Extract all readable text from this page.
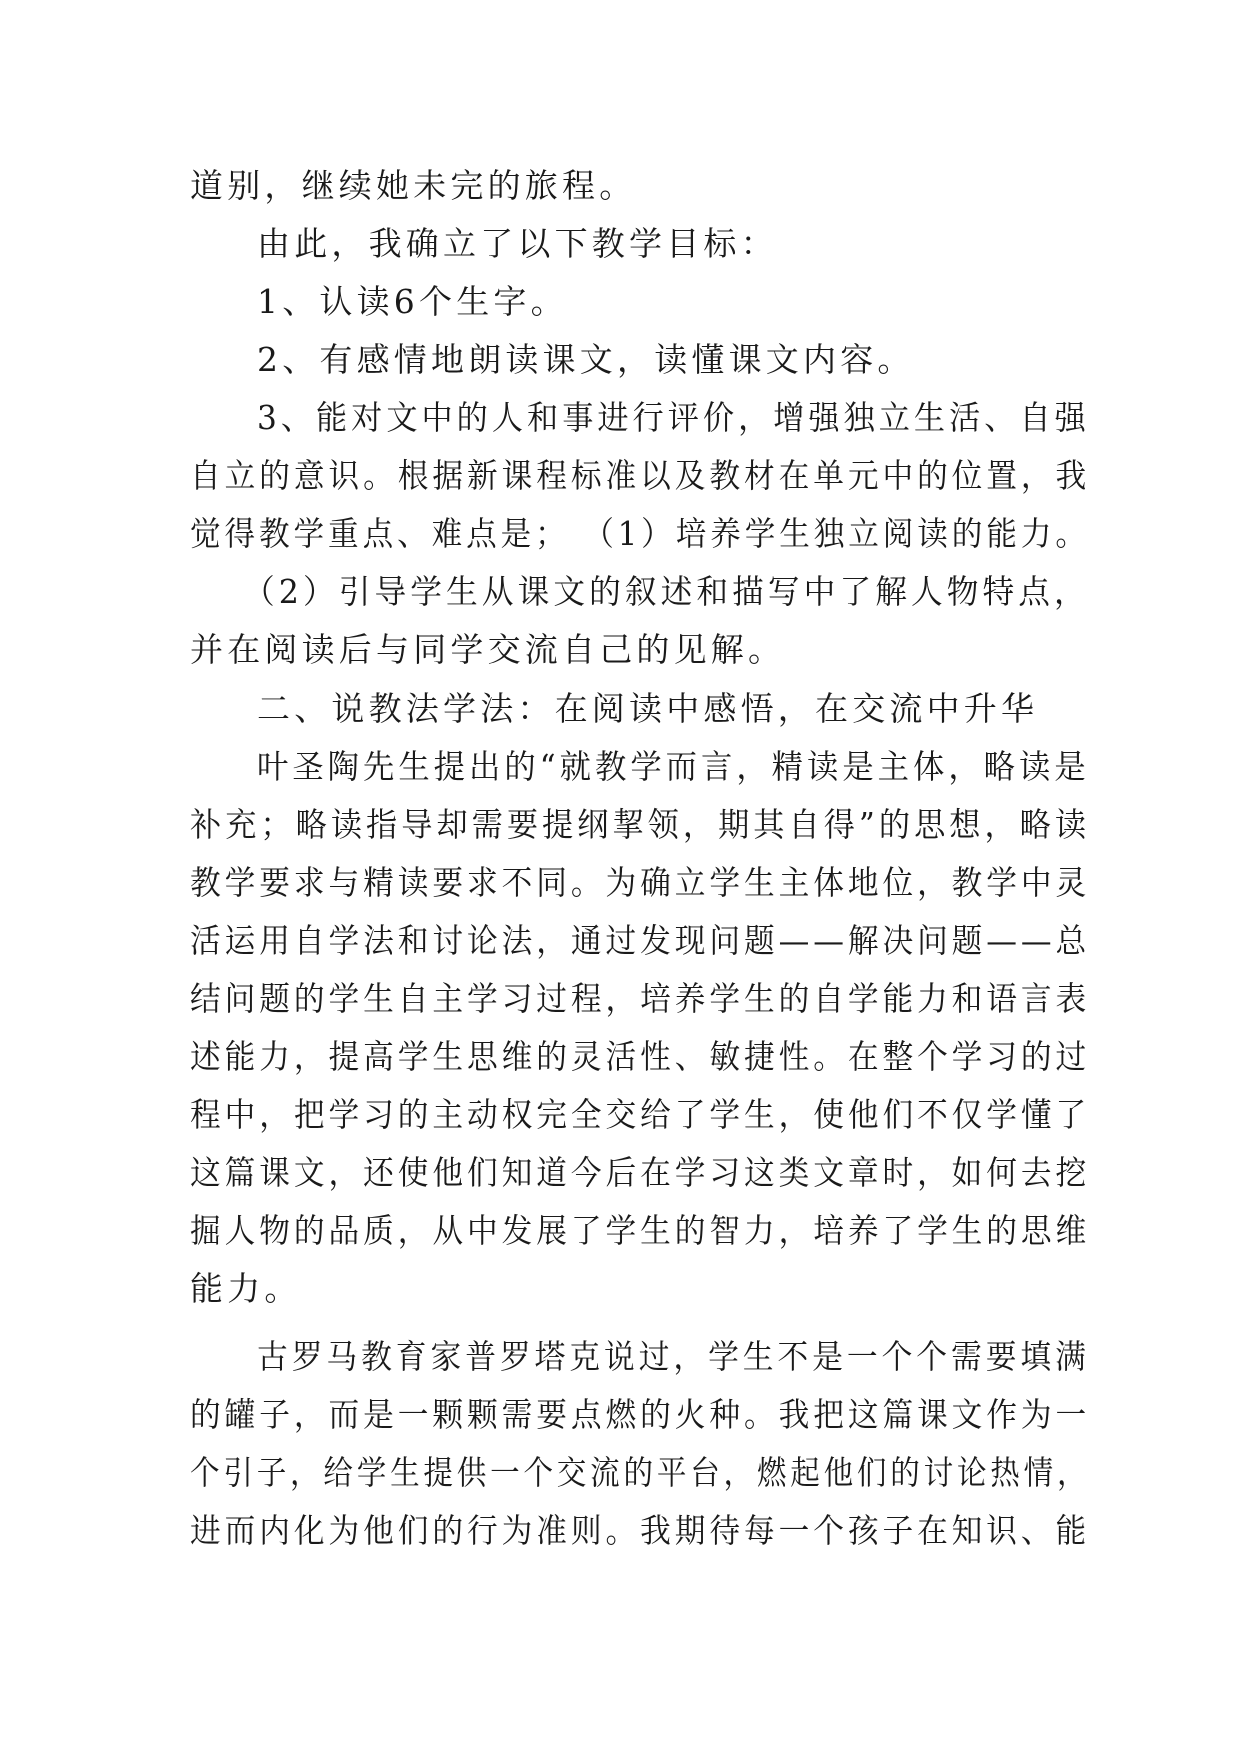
道别，继续她未完的旅程。

由此，我确立了以下教学目标：

1、认读6个生字。

2、有感情地朗读课文，读懂课文内容。

3、能对文中的人和事进行评价，增强独立生活、自强

自立的意识。根据新课程标准以及教材在单元中的位置，我

觉得教学重点、难点是； （1）培养学生独立阅读的能力。

（2）引导学生从课文的叙述和描写中了解人物特点，

并在阅读后与同学交流自己的见解。

二、说教法学法：在阅读中感悟，在交流中升华

叶圣陶先生提出的“就教学而言，精读是主体，略读是

补充；略读指导却需要提纲挈领，期其自得”的思想，略读

教学要求与精读要求不同。为确立学生主体地位，教学中灵

活运用自学法和讨论法，通过发现问题——解决问题——总

结问题的学生自主学习过程，培养学生的自学能力和语言表

述能力，提高学生思维的灵活性、敏捷性。在整个学习的过

程中，把学习的主动权完全交给了学生，使他们不仅学懂了

这篇课文，还使他们知道今后在学习这类文章时，如何去挖

掘人物的品质，从中发展了学生的智力，培养了学生的思维

能力。

古罗马教育家普罗塔克说过，学生不是一个个需要填满

的罐子，而是一颗颗需要点燃的火种。我把这篇课文作为一

个引子，给学生提供一个交流的平台，燃起他们的讨论热情，

进而内化为他们的行为准则。我期待每一个孩子在知识、能
